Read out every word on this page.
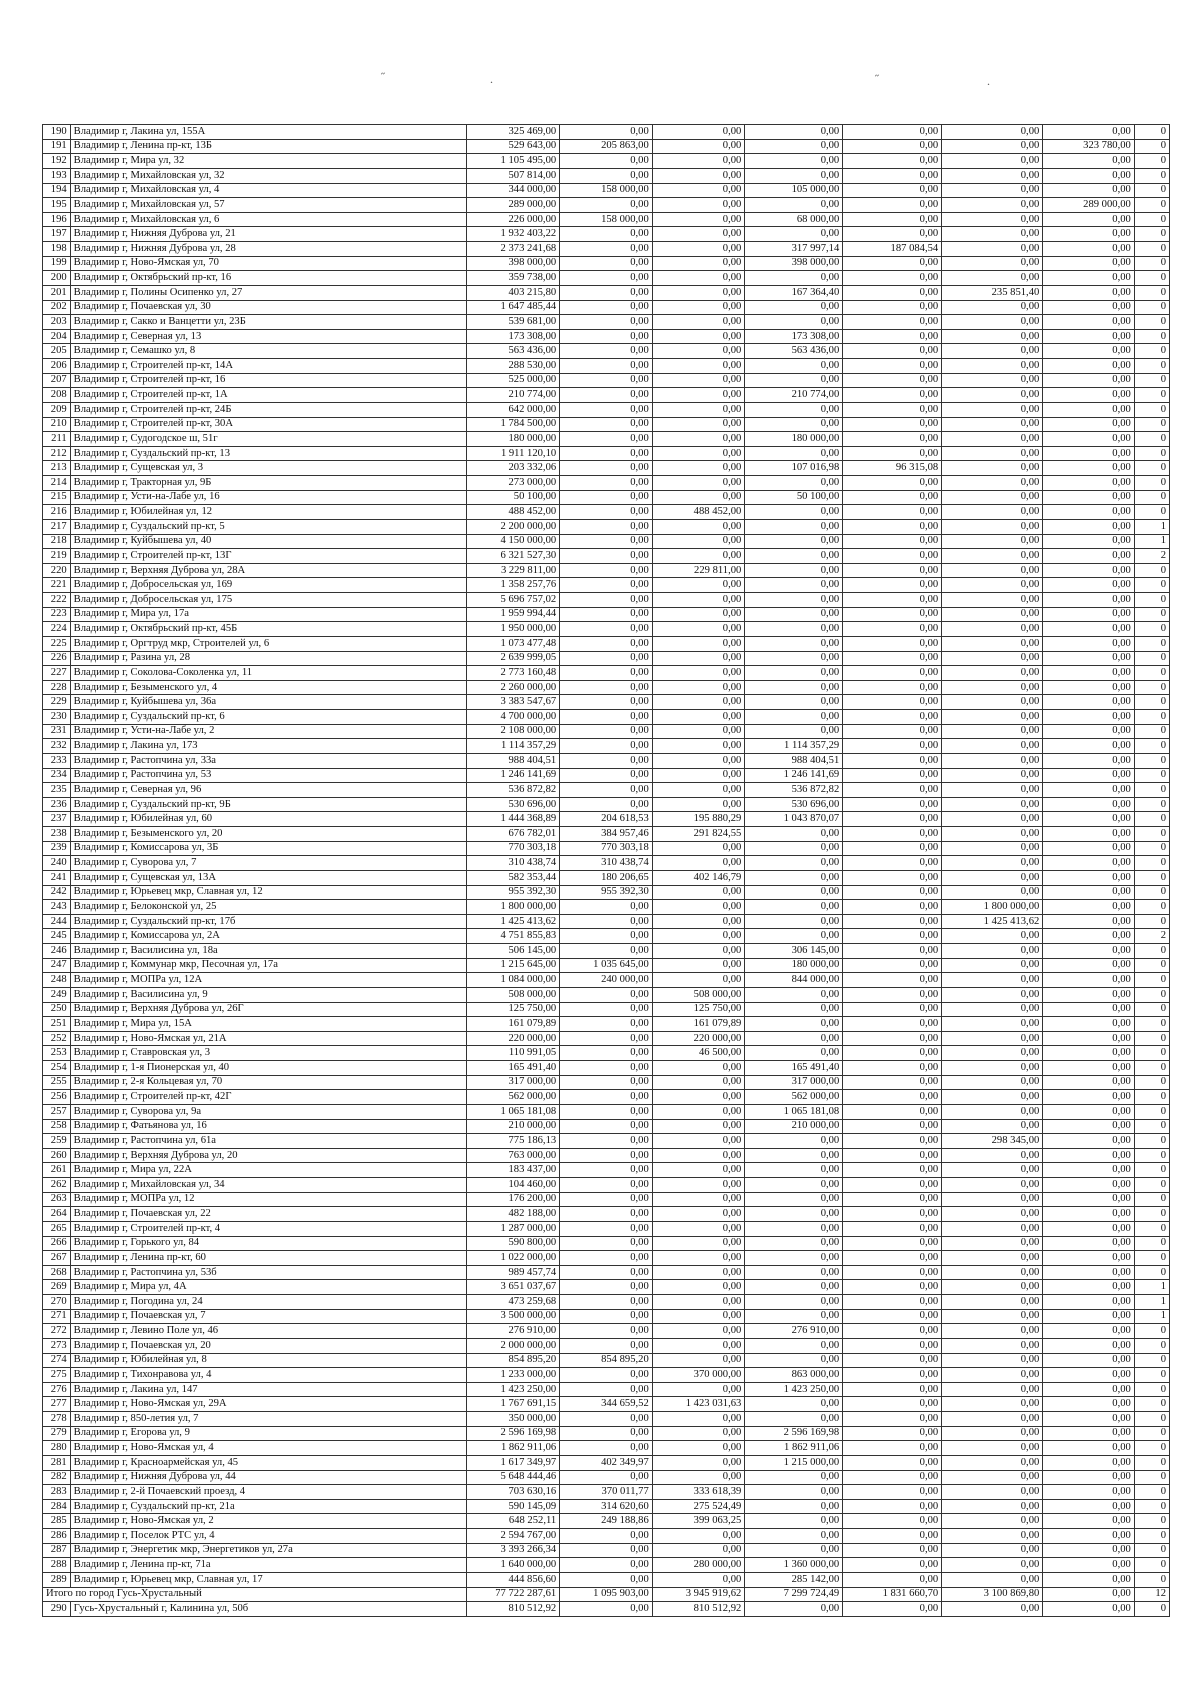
˝	.	˝	.
190	Владимир г, Лакина ул, 155А	325 469,00	0,00	0,00	0,00	0,00	0,00	0,00	0
191	Владимир г, Ленина пр-кт, 13Б	529 643,00	205 863,00	0,00	0,00	0,00	0,00	323 780,00	0
192	Владимир г, Мира ул, 32	1 105 495,00	0,00	0,00	0,00	0,00	0,00	0,00	0
193	Владимир г, Михайловская ул, 32	507 814,00	0,00	0,00	0,00	0,00	0,00	0,00	0
194	Владимир г, Михайловская ул, 4	344 000,00	158 000,00	0,00	105 000,00	0,00	0,00	0,00	0
195	Владимир г, Михайловская ул, 57	289 000,00	0,00	0,00	0,00	0,00	0,00	289 000,00	0
196	Владимир г, Михайловская ул, 6	226 000,00	158 000,00	0,00	68 000,00	0,00	0,00	0,00	0
197	Владимир г, Нижняя Дуброва ул, 21	1 932 403,22	0,00	0,00	0,00	0,00	0,00	0,00	0
198	Владимир г, Нижняя Дуброва ул, 28	2 373 241,68	0,00	0,00	317 997,14	187 084,54	0,00	0,00	0
199	Владимир г, Ново-Ямская ул, 70	398 000,00	0,00	0,00	398 000,00	0,00	0,00	0,00	0
200	Владимир г, Октябрьский пр-кт, 16	359 738,00	0,00	0,00	0,00	0,00	0,00	0,00	0
201	Владимир г, Полины Осипенко ул, 27	403 215,80	0,00	0,00	167 364,40	0,00	235 851,40	0,00	0
202	Владимир г, Почаевская ул, 30	1 647 485,44	0,00	0,00	0,00	0,00	0,00	0,00	0
203	Владимир г, Сакко и Ванцетти ул, 23Б	539 681,00	0,00	0,00	0,00	0,00	0,00	0,00	0
204	Владимир г, Северная ул, 13	173 308,00	0,00	0,00	173 308,00	0,00	0,00	0,00	0
205	Владимир г, Семашко ул, 8	563 436,00	0,00	0,00	563 436,00	0,00	0,00	0,00	0
206	Владимир г, Строителей пр-кт, 14А	288 530,00	0,00	0,00	0,00	0,00	0,00	0,00	0
207	Владимир г, Строителей пр-кт, 16	525 000,00	0,00	0,00	0,00	0,00	0,00	0,00	0
208	Владимир г, Строителей пр-кт, 1А	210 774,00	0,00	0,00	210 774,00	0,00	0,00	0,00	0
209	Владимир г, Строителей пр-кт, 24Б	642 000,00	0,00	0,00	0,00	0,00	0,00	0,00	0
210	Владимир г, Строителей пр-кт, 30А	1 784 500,00	0,00	0,00	0,00	0,00	0,00	0,00	0
211	Владимир г, Судогодское ш, 51г	180 000,00	0,00	0,00	180 000,00	0,00	0,00	0,00	0
212	Владимир г, Суздальский пр-кт, 13	1 911 120,10	0,00	0,00	0,00	0,00	0,00	0,00	0
213	Владимир г, Сущевская ул, 3	203 332,06	0,00	0,00	107 016,98	96 315,08	0,00	0,00	0
214	Владимир г, Тракторная ул, 9Б	273 000,00	0,00	0,00	0,00	0,00	0,00	0,00	0
215	Владимир г, Усти-на-Лабе ул, 16	50 100,00	0,00	0,00	50 100,00	0,00	0,00	0,00	0
216	Владимир г, Юбилейная ул, 12	488 452,00	0,00	488 452,00	0,00	0,00	0,00	0,00	0
217	Владимир г, Суздальский пр-кт, 5	2 200 000,00	0,00	0,00	0,00	0,00	0,00	0,00	1
218	Владимир г, Куйбышева ул, 40	4 150 000,00	0,00	0,00	0,00	0,00	0,00	0,00	1
219	Владимир г, Строителей пр-кт, 13Г	6 321 527,30	0,00	0,00	0,00	0,00	0,00	0,00	2
220	Владимир г, Верхняя Дуброва ул, 28А	3 229 811,00	0,00	229 811,00	0,00	0,00	0,00	0,00	0
221	Владимир г, Добросельская ул, 169	1 358 257,76	0,00	0,00	0,00	0,00	0,00	0,00	0
222	Владимир г, Добросельская ул, 175	5 696 757,02	0,00	0,00	0,00	0,00	0,00	0,00	0
223	Владимир г, Мира ул, 17а	1 959 994,44	0,00	0,00	0,00	0,00	0,00	0,00	0
224	Владимир г, Октябрьский пр-кт, 45Б	1 950 000,00	0,00	0,00	0,00	0,00	0,00	0,00	0
225	Владимир г, Оргтруд мкр, Строителей ул, 6	1 073 477,48	0,00	0,00	0,00	0,00	0,00	0,00	0
226	Владимир г, Разина ул, 28	2 639 999,05	0,00	0,00	0,00	0,00	0,00	0,00	0
227	Владимир г, Соколова-Соколенка ул, 11	2 773 160,48	0,00	0,00	0,00	0,00	0,00	0,00	0
228	Владимир г, Безыменского ул, 4	2 260 000,00	0,00	0,00	0,00	0,00	0,00	0,00	0
229	Владимир г, Куйбышева ул, 36а	3 383 547,67	0,00	0,00	0,00	0,00	0,00	0,00	0
230	Владимир г, Суздальский пр-кт, 6	4 700 000,00	0,00	0,00	0,00	0,00	0,00	0,00	0
231	Владимир г, Усти-на-Лабе ул, 2	2 108 000,00	0,00	0,00	0,00	0,00	0,00	0,00	0
232	Владимир г, Лакина ул, 173	1 114 357,29	0,00	0,00	1 114 357,29	0,00	0,00	0,00	0
233	Владимир г, Растопчина ул, 33а	988 404,51	0,00	0,00	988 404,51	0,00	0,00	0,00	0
234	Владимир г, Растопчина ул, 53	1 246 141,69	0,00	0,00	1 246 141,69	0,00	0,00	0,00	0
235	Владимир г, Северная ул, 96	536 872,82	0,00	0,00	536 872,82	0,00	0,00	0,00	0
236	Владимир г, Суздальский пр-кт, 9Б	530 696,00	0,00	0,00	530 696,00	0,00	0,00	0,00	0
237	Владимир г, Юбилейная ул, 60	1 444 368,89	204 618,53	195 880,29	1 043 870,07	0,00	0,00	0,00	0
238	Владимир г, Безыменского ул, 20	676 782,01	384 957,46	291 824,55	0,00	0,00	0,00	0,00	0
239	Владимир г, Комиссарова ул, 3Б	770 303,18	770 303,18	0,00	0,00	0,00	0,00	0,00	0
240	Владимир г, Суворова ул, 7	310 438,74	310 438,74	0,00	0,00	0,00	0,00	0,00	0
241	Владимир г, Сущевская ул, 13А	582 353,44	180 206,65	402 146,79	0,00	0,00	0,00	0,00	0
242	Владимир г, Юрьевец мкр, Славная ул, 12	955 392,30	955 392,30	0,00	0,00	0,00	0,00	0,00	0
243	Владимир г, Белоконской ул, 25	1 800 000,00	0,00	0,00	0,00	0,00	1 800 000,00	0,00	0
244	Владимир г, Суздальский пр-кт, 17б	1 425 413,62	0,00	0,00	0,00	0,00	1 425 413,62	0,00	0
245	Владимир г, Комиссарова ул, 2А	4 751 855,83	0,00	0,00	0,00	0,00	0,00	0,00	2
246	Владимир г, Василисина ул, 18а	506 145,00	0,00	0,00	306 145,00	0,00	0,00	0,00	0
247	Владимир г, Коммунар мкр, Песочная ул, 17а	1 215 645,00	1 035 645,00	0,00	180 000,00	0,00	0,00	0,00	0
248	Владимир г, МОПРа ул, 12А	1 084 000,00	240 000,00	0,00	844 000,00	0,00	0,00	0,00	0
249	Владимир г, Василисина ул, 9	508 000,00	0,00	508 000,00	0,00	0,00	0,00	0,00	0
250	Владимир г, Верхняя Дуброва ул, 26Г	125 750,00	0,00	125 750,00	0,00	0,00	0,00	0,00	0
251	Владимир г, Мира ул, 15А	161 079,89	0,00	161 079,89	0,00	0,00	0,00	0,00	0
252	Владимир г, Ново-Ямская ул, 21А	220 000,00	0,00	220 000,00	0,00	0,00	0,00	0,00	0
253	Владимир г, Ставровская ул, 3	110 991,05	0,00	46 500,00	0,00	0,00	0,00	0,00	0
254	Владимир г, 1-я Пионерская ул, 40	165 491,40	0,00	0,00	165 491,40	0,00	0,00	0,00	0
255	Владимир г, 2-я Кольцевая ул, 70	317 000,00	0,00	0,00	317 000,00	0,00	0,00	0,00	0
256	Владимир г, Строителей пр-кт, 42Г	562 000,00	0,00	0,00	562 000,00	0,00	0,00	0,00	0
257	Владимир г, Суворова ул, 9а	1 065 181,08	0,00	0,00	1 065 181,08	0,00	0,00	0,00	0
258	Владимир г, Фатьянова ул, 16	210 000,00	0,00	0,00	210 000,00	0,00	0,00	0,00	0
259	Владимир г, Растопчина ул, 61а	775 186,13	0,00	0,00	0,00	0,00	298 345,00	0,00	0
260	Владимир г, Верхняя Дуброва ул, 20	763 000,00	0,00	0,00	0,00	0,00	0,00	0,00	0
261	Владимир г, Мира ул, 22А	183 437,00	0,00	0,00	0,00	0,00	0,00	0,00	0
262	Владимир г, Михайловская ул, 34	104 460,00	0,00	0,00	0,00	0,00	0,00	0,00	0
263	Владимир г, МОПРа ул, 12	176 200,00	0,00	0,00	0,00	0,00	0,00	0,00	0
264	Владимир г, Почаевская ул, 22	482 188,00	0,00	0,00	0,00	0,00	0,00	0,00	0
265	Владимир г, Строителей пр-кт, 4	1 287 000,00	0,00	0,00	0,00	0,00	0,00	0,00	0
266	Владимир г, Горького ул, 84	590 800,00	0,00	0,00	0,00	0,00	0,00	0,00	0
267	Владимир г, Ленина пр-кт, 60	1 022 000,00	0,00	0,00	0,00	0,00	0,00	0,00	0
268	Владимир г, Растопчина ул, 53б	989 457,74	0,00	0,00	0,00	0,00	0,00	0,00	0
269	Владимир г, Мира ул, 4А	3 651 037,67	0,00	0,00	0,00	0,00	0,00	0,00	1
270	Владимир г, Погодина ул, 24	473 259,68	0,00	0,00	0,00	0,00	0,00	0,00	1
271	Владимир г, Почаевская ул, 7	3 500 000,00	0,00	0,00	0,00	0,00	0,00	0,00	1
272	Владимир г, Левино Поле ул, 46	276 910,00	0,00	0,00	276 910,00	0,00	0,00	0,00	0
273	Владимир г, Почаевская ул, 20	2 000 000,00	0,00	0,00	0,00	0,00	0,00	0,00	0
274	Владимир г, Юбилейная ул, 8	854 895,20	854 895,20	0,00	0,00	0,00	0,00	0,00	0
275	Владимир г, Тихонравова ул, 4	1 233 000,00	0,00	370 000,00	863 000,00	0,00	0,00	0,00	0
276	Владимир г, Лакина ул, 147	1 423 250,00	0,00	0,00	1 423 250,00	0,00	0,00	0,00	0
277	Владимир г, Ново-Ямская ул, 29А	1 767 691,15	344 659,52	1 423 031,63	0,00	0,00	0,00	0,00	0
278	Владимир г, 850-летия ул, 7	350 000,00	0,00	0,00	0,00	0,00	0,00	0,00	0
279	Владимир г, Егорова ул, 9	2 596 169,98	0,00	0,00	2 596 169,98	0,00	0,00	0,00	0
280	Владимир г, Ново-Ямская ул, 4	1 862 911,06	0,00	0,00	1 862 911,06	0,00	0,00	0,00	0
281	Владимир г, Красноармейская ул, 45	1 617 349,97	402 349,97	0,00	1 215 000,00	0,00	0,00	0,00	0
282	Владимир г, Нижняя Дуброва ул, 44	5 648 444,46	0,00	0,00	0,00	0,00	0,00	0,00	0
283	Владимир г, 2-й Почаевский проезд, 4	703 630,16	370 011,77	333 618,39	0,00	0,00	0,00	0,00	0
284	Владимир г, Суздальский пр-кт, 21а	590 145,09	314 620,60	275 524,49	0,00	0,00	0,00	0,00	0
285	Владимир г, Ново-Ямская ул, 2	648 252,11	249 188,86	399 063,25	0,00	0,00	0,00	0,00	0
286	Владимир г, Поселок РТС ул, 4	2 594 767,00	0,00	0,00	0,00	0,00	0,00	0,00	0
287	Владимир г, Энергетик мкр, Энергетиков ул, 27а	3 393 266,34	0,00	0,00	0,00	0,00	0,00	0,00	0
288	Владимир г, Ленина пр-кт, 71а	1 640 000,00	0,00	280 000,00	1 360 000,00	0,00	0,00	0,00	0
289	Владимир г, Юрьевец мкр, Славная ул, 17	444 856,60	0,00	0,00	285 142,00	0,00	0,00	0,00	0
Итого по город Гусь-Хрустальный		77 722 287,61	1 095 903,00	3 945 919,62	7 299 724,49	1 831 660,70	3 100 869,80	0,00	12
290	Гусь-Хрустальный г, Калинина ул, 50б	810 512,92	0,00	810 512,92	0,00	0,00	0,00	0,00	0
